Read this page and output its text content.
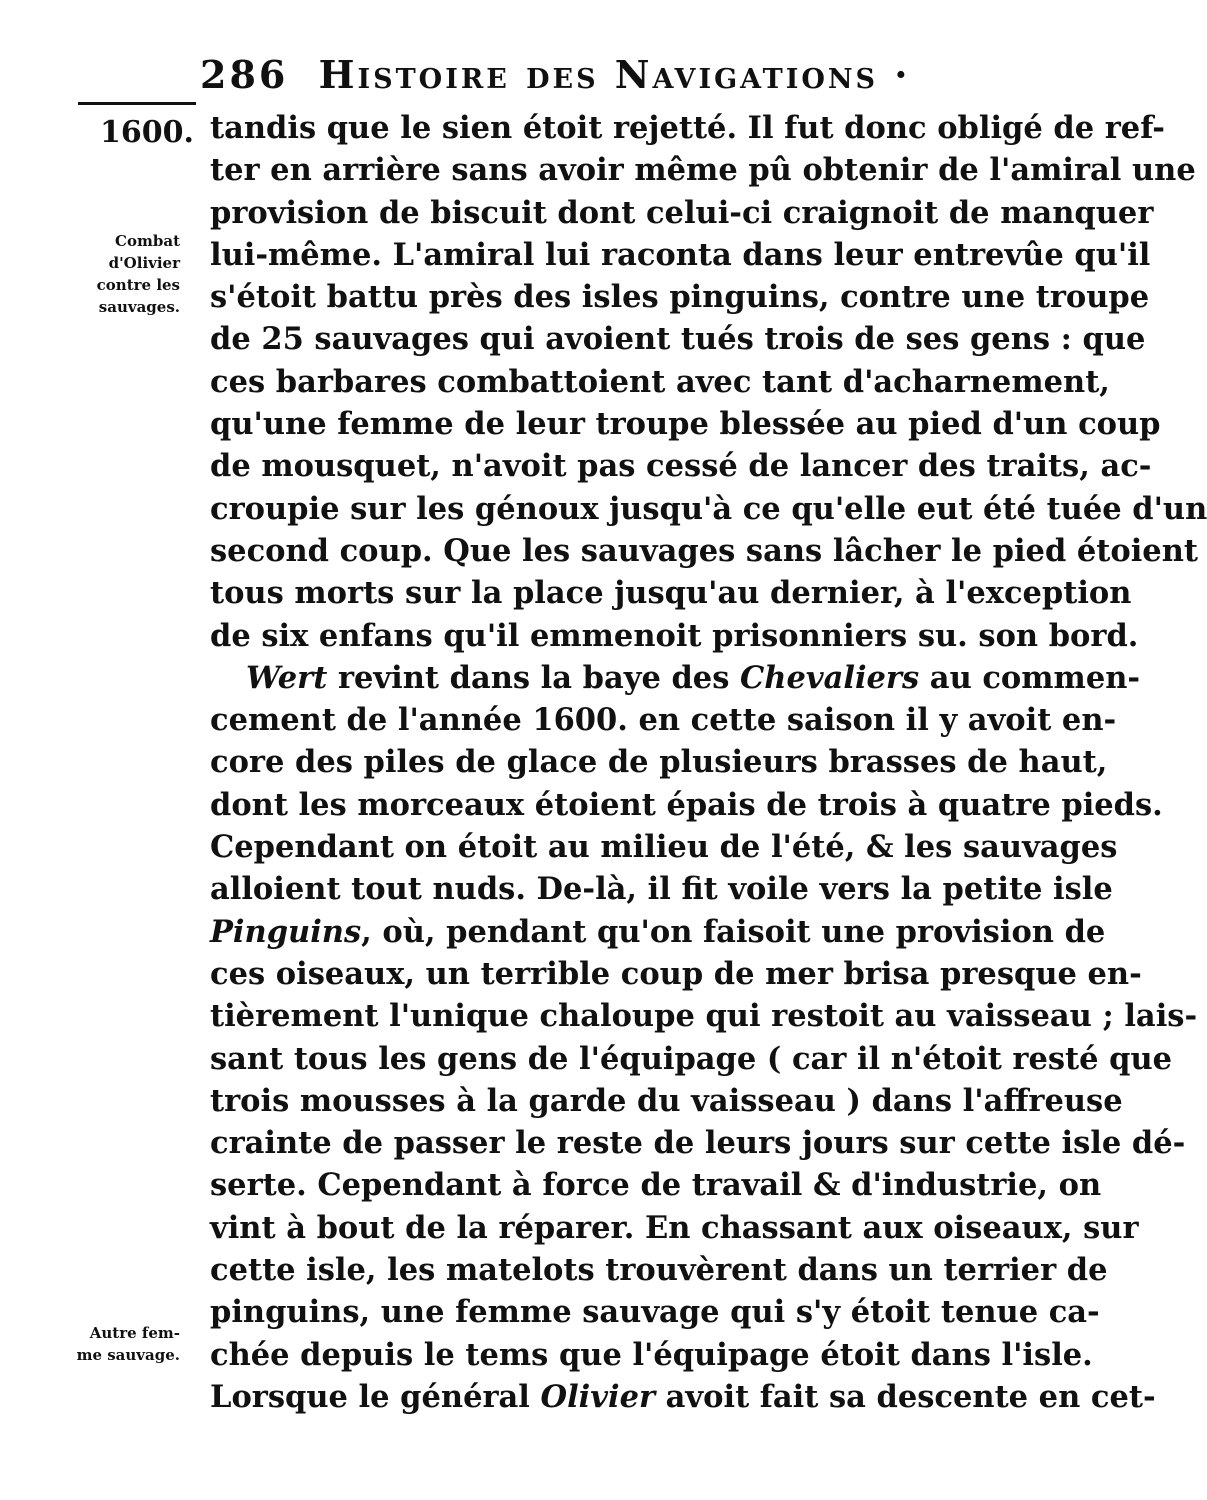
286 Histoire des Navigations ·
1600.
Combat
d'Olivier
contre les
sauvages.
Autre fem-
me sauvage.
tandis que le sien étoit rejetté. Il fut donc obligé de ref-
ter en arrière sans avoir même pû obtenir de l'amiral une
provision de biscuit dont celui-ci craignoit de manquer
lui-même. L'amiral lui raconta dans leur entrevûe qu'il
s'étoit battu près des isles pinguins, contre une troupe
de 25 sauvages qui avoient tués trois de ses gens : que
ces barbares combattoient avec tant d'acharnement,
qu'une femme de leur troupe blessée au pied d'un coup
de mousquet, n'avoit pas cessé de lancer des traits, ac-
croupie sur les génoux jusqu'à ce qu'elle eut été tuée d'un
second coup. Que les sauvages sans lâcher le pied étoient
tous morts sur la place jusqu'au dernier, à l'exception
de six enfans qu'il emmenoit prisonniers su. son bord.
Wert revint dans la baye des Chevaliers au commen-
cement de l'année 1600. en cette saison il y avoit en-
core des piles de glace de plusieurs brasses de haut,
dont les morceaux étoient épais de trois à quatre pieds.
Cependant on étoit au milieu de l'été, & les sauvages
alloient tout nuds. De-là, il fit voile vers la petite isle
Pinguins, où, pendant qu'on faisoit une provision de
ces oiseaux, un terrible coup de mer brisa presque en-
tièrement l'unique chaloupe qui restoit au vaisseau ; lais-
sant tous les gens de l'équipage ( car il n'étoit resté que
trois mousses à la garde du vaisseau ) dans l'affreuse
crainte de passer le reste de leurs jours sur cette isle dé-
serte. Cependant à force de travail & d'industrie, on
vint à bout de la réparer. En chassant aux oiseaux, sur
cette isle, les matelots trouvèrent dans un terrier de
pinguins, une femme sauvage qui s'y étoit tenue ca-
chée depuis le tems que l'équipage étoit dans l'isle.
Lorsque le général Olivier avoit fait sa descente en cet-
